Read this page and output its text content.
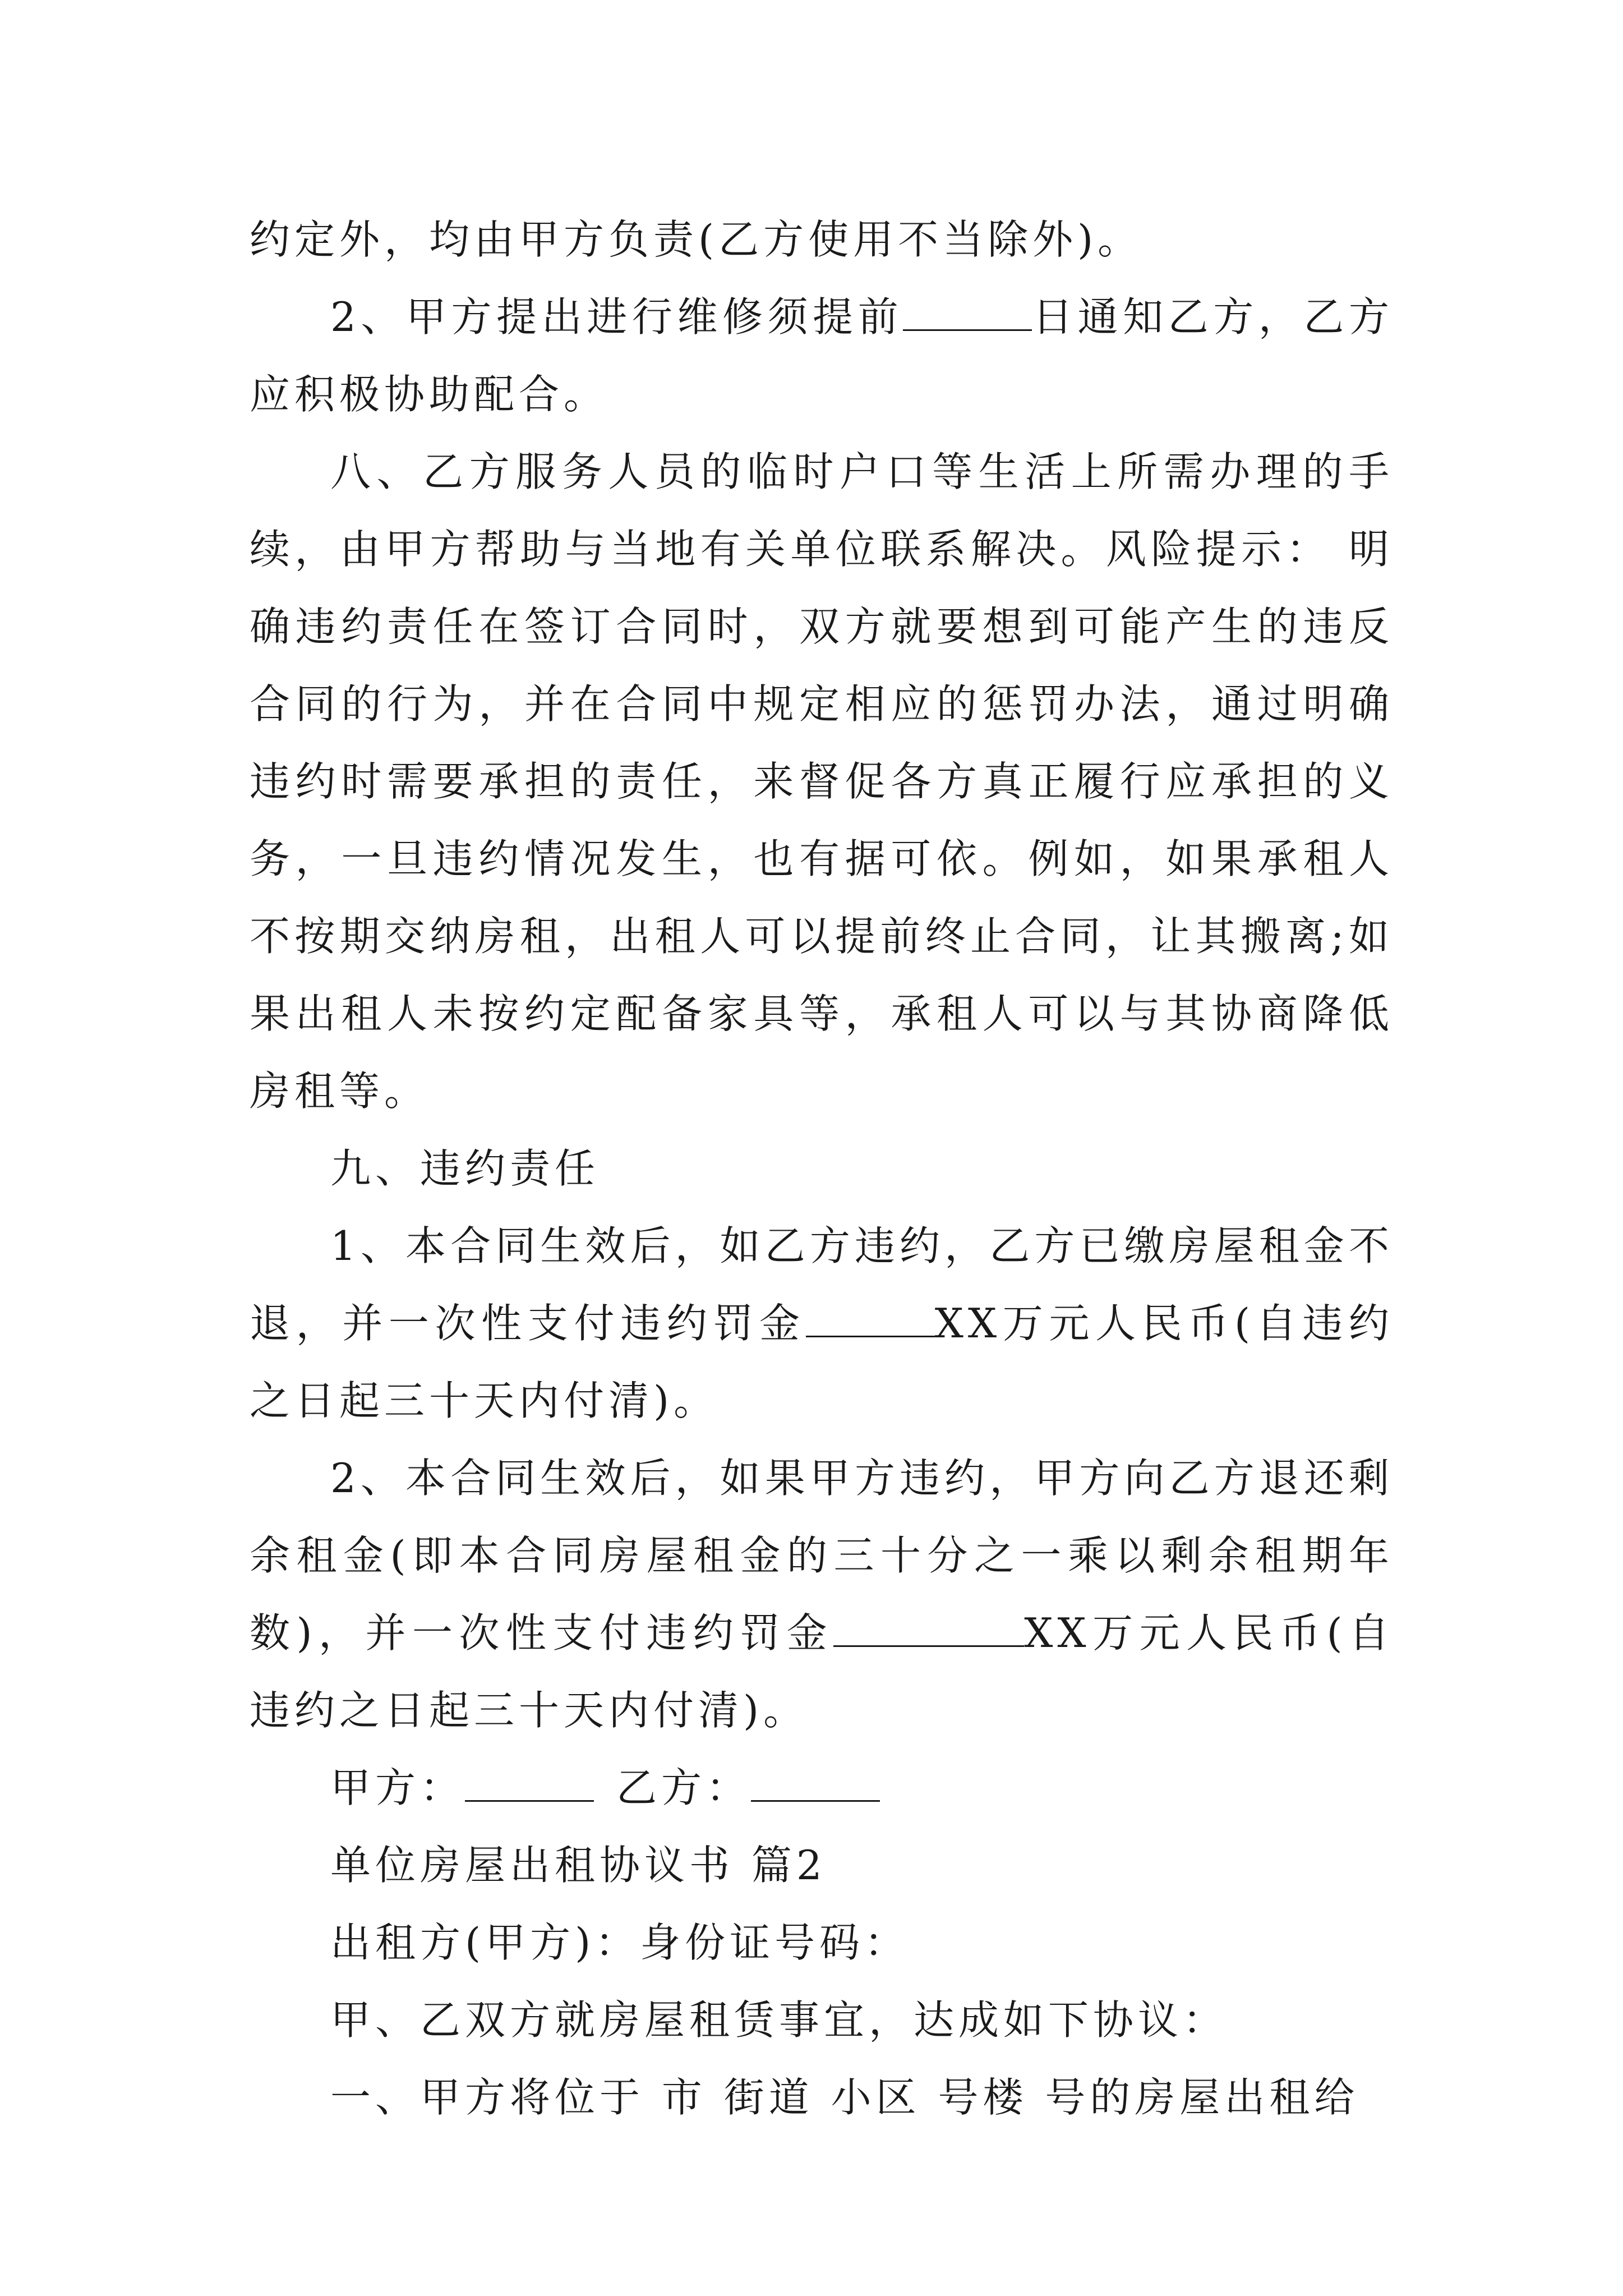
约定外，均由甲方负责(乙方使用不当除外)。

2、甲方提出进行维修须提前	日通知乙方，乙方应积极协助配合。

八、乙方服务人员的临时户口等生活上所需办理的手续，由甲方帮助与当地有关单位联系解决。风险提示： 明确违约责任在签订合同时，双方就要想到可能产生的违反合同的行为，并在合同中规定相应的惩罚办法，通过明确违约时需要承担的责任，来督促各方真正履行应承担的义务，一旦违约情况发生，也有据可依。例如，如果承租人不按期交纳房租，出租人可以提前终止合同，让其搬离;如果出租人未按约定配备家具等，承租人可以与其协商降低房租等。

九、违约责任

1、本合同生效后，如乙方违约，乙方已缴房屋租金不退，并一次性支付违约罚金	XX万元人民币(自违约之日起三十天内付清)。

2、本合同生效后，如果甲方违约，甲方向乙方退还剩余租金(即本合同房屋租金的三十分之一乘以剩余租期年数)，并一次性支付违约罚金	XX万元人民币(自违约之日起三十天内付清)。

甲方：	乙方：

单位房屋出租协议书 篇2

出租方(甲方)：身份证号码：

甲、乙双方就房屋租赁事宜，达成如下协议：

一、甲方将位于 市 街道 小区 号楼 号的房屋出租给
